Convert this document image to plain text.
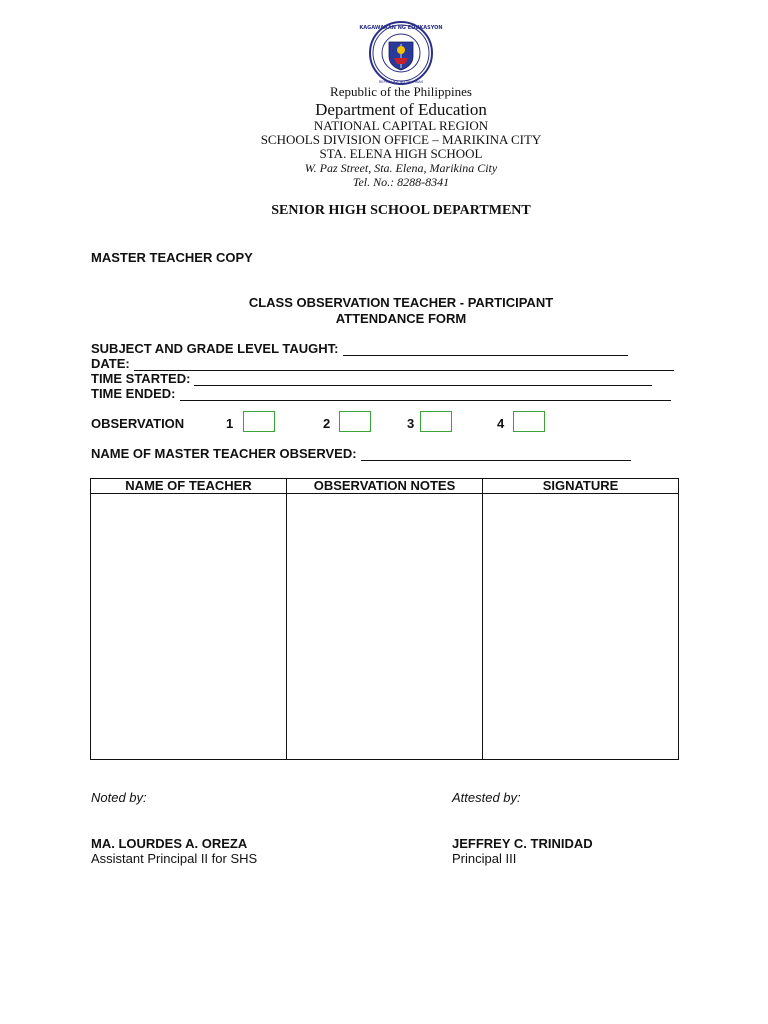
KAGAWARAN NG EDUKASYON
REPUBLIKA NG PILIPINAS
Republic of the Philippines
Department of Education
NATIONAL CAPITAL REGION
SCHOOLS DIVISION OFFICE – MARIKINA CITY
STA. ELENA HIGH SCHOOL
W. Paz Street, Sta. Elena, Marikina City
Tel. No.: 8288-8341
SENIOR HIGH SCHOOL DEPARTMENT
MASTER TEACHER COPY
CLASS OBSERVATION TEACHER - PARTICIPANT
ATTENDANCE FORM
SUBJECT AND GRADE LEVEL TAUGHT:
DATE:
TIME STARTED:
TIME ENDED:
OBSERVATION	1	2	3	4
NAME OF MASTER TEACHER OBSERVED:
NAME OF TEACHER	OBSERVATION NOTES	SIGNATURE

Noted by:	Attested by:
MA. LOURDES A. OREZA
Assistant Principal II for SHS
JEFFREY C. TRINIDAD
Principal III
